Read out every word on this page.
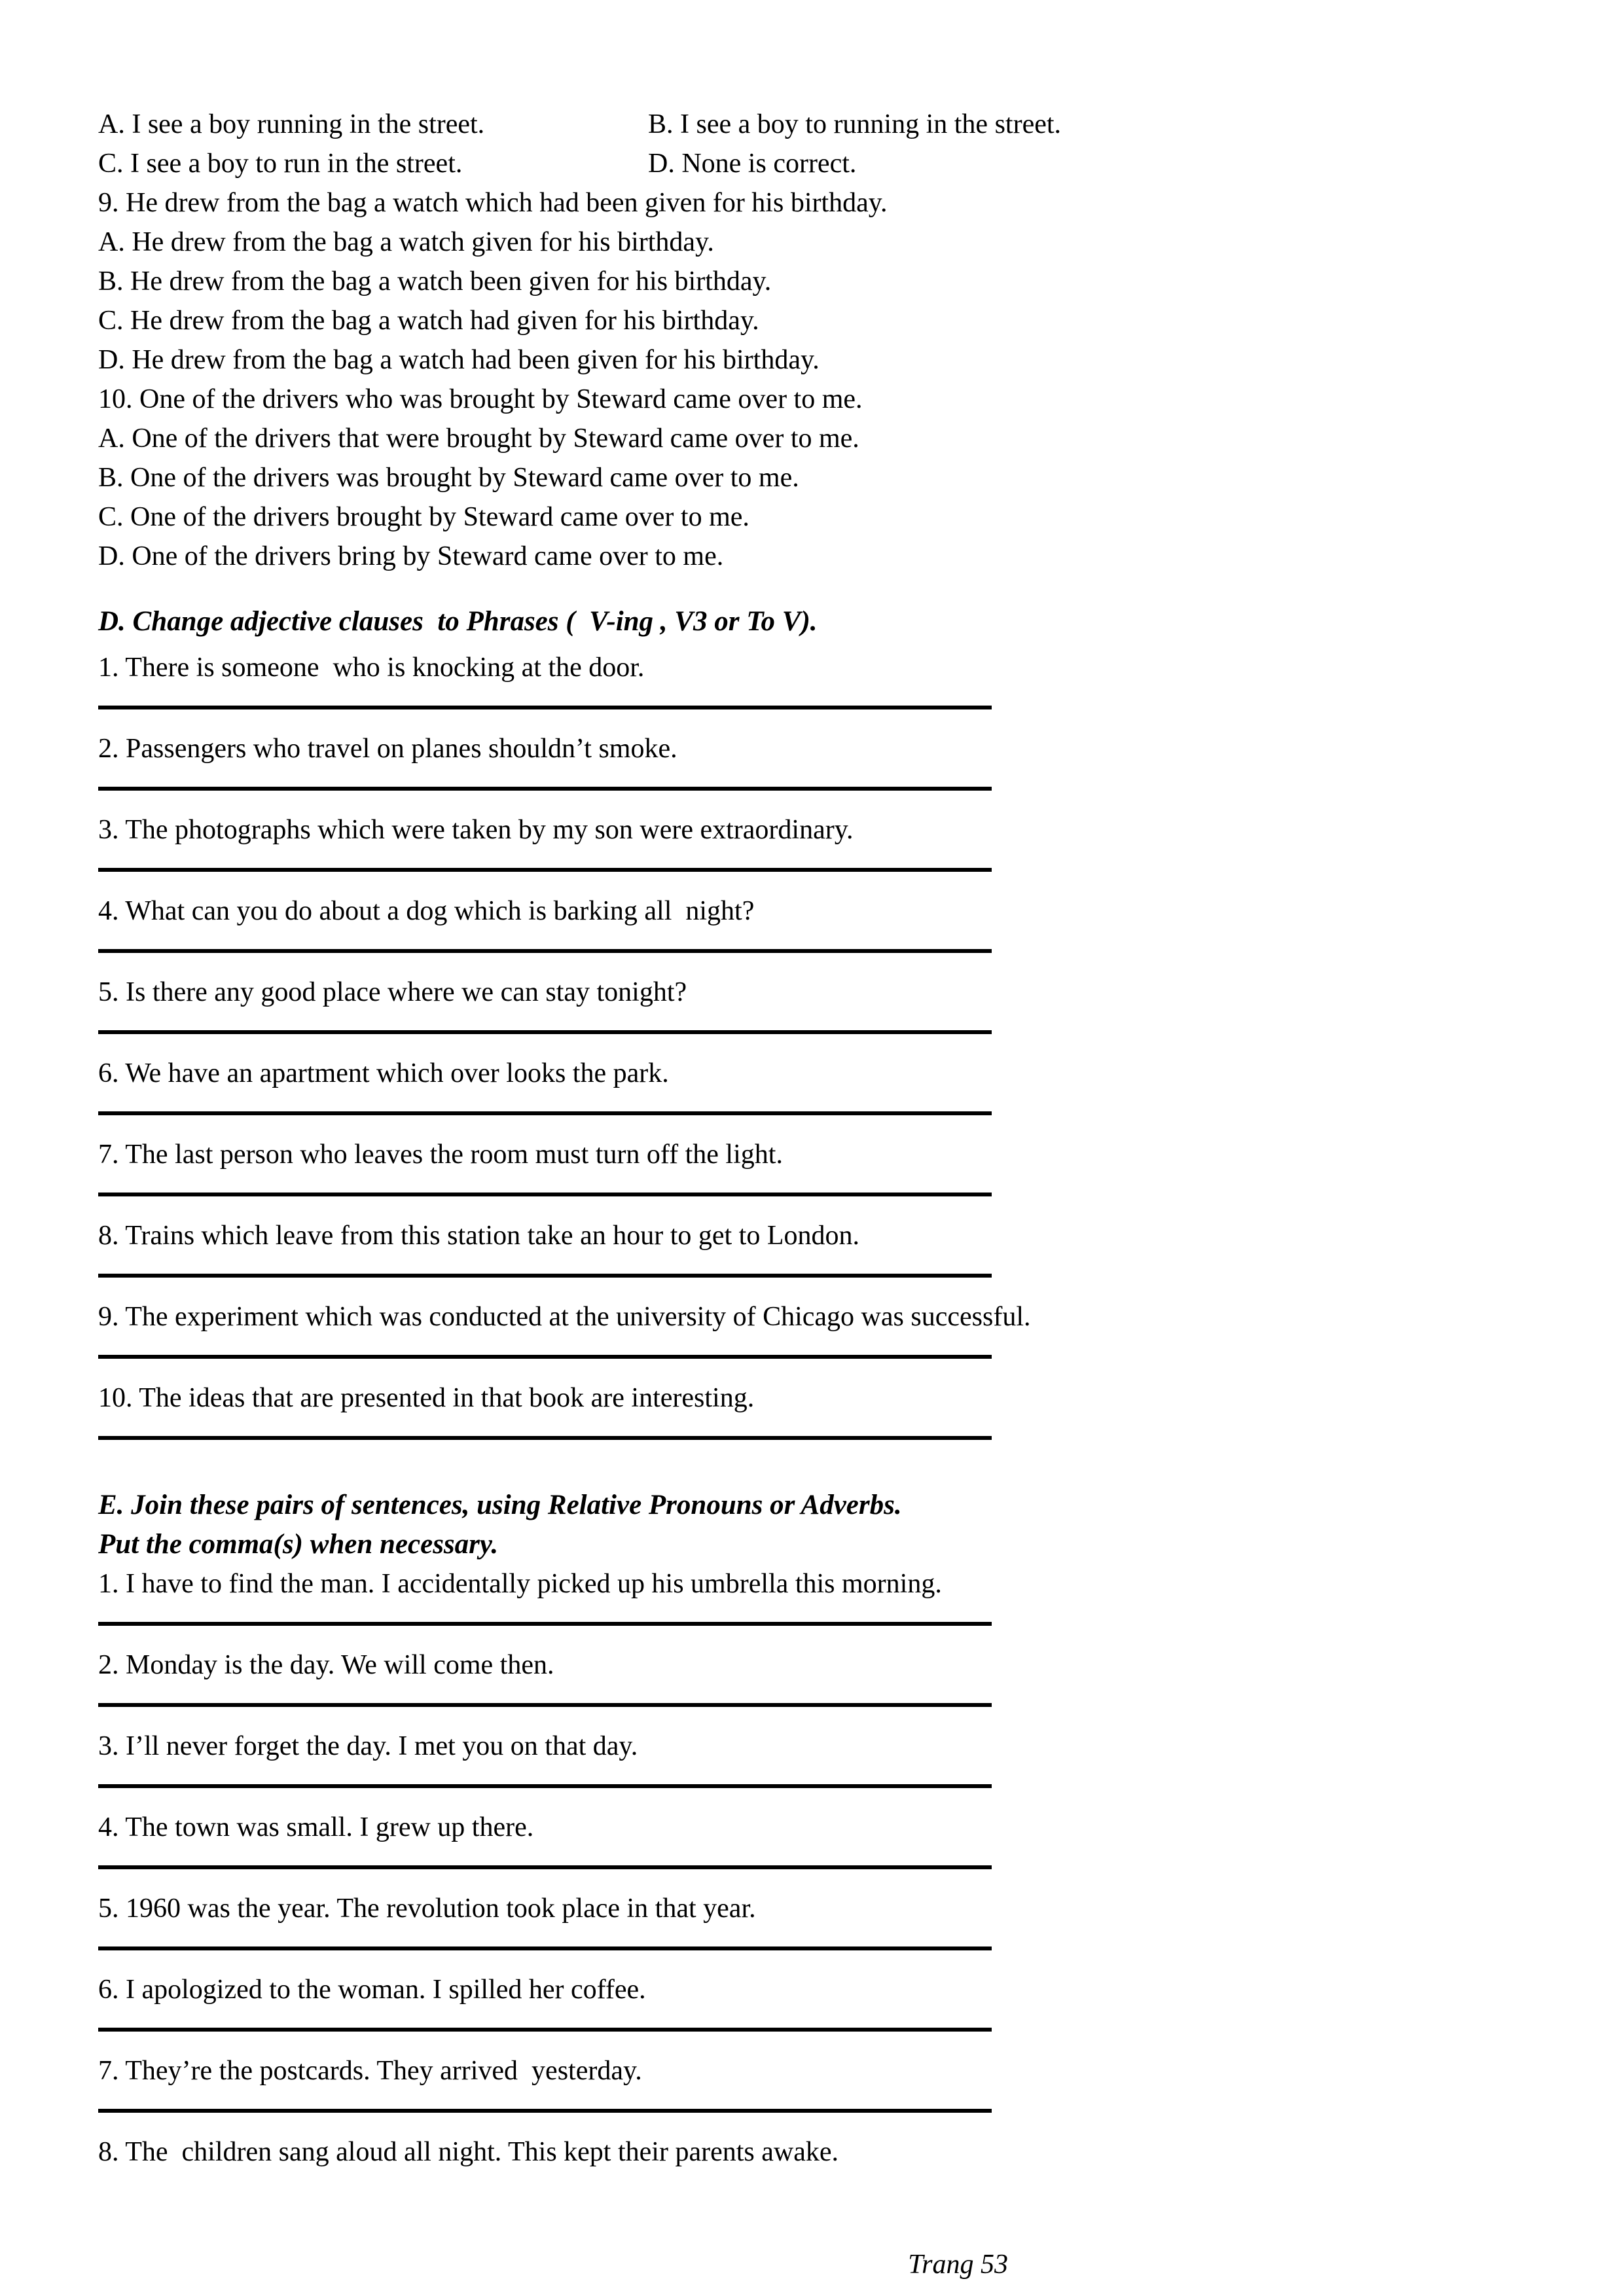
A. I see a boy running in the street.	B. I see a boy to running in the street.
C. I see a boy to run in the street.	D. None is correct.
9. He drew from the bag a watch which had been given for his birthday.
A. He drew from the bag a watch given for his birthday.
B. He drew from the bag a watch been given for his birthday.
C. He drew from the bag a watch had given for his birthday.
D. He drew from the bag a watch had been given for his birthday.
10. One of the drivers who was brought by Steward came over to me.
A. One of the drivers that were brought by Steward came over to me.
B. One of the drivers was brought by Steward came over to me.
C. One of the drivers brought by Steward came over to me.
D. One of the drivers bring by Steward came over to me.
D. Change adjective clauses  to Phrases (  V-ing , V3 or To V).
1. There is someone  who is knocking at the door.
2. Passengers who travel on planes shouldn’t smoke.
3. The photographs which were taken by my son were extraordinary.
4. What can you do about a dog which is barking all  night?
5. Is there any good place where we can stay tonight?
6. We have an apartment which over looks the park.
7. The last person who leaves the room must turn off the light.
8. Trains which leave from this station take an hour to get to London.
9. The experiment which was conducted at the university of Chicago was successful.
10. The ideas that are presented in that book are interesting.
E. Join these pairs of sentences, using Relative Pronouns or Adverbs.
Put the comma(s) when necessary.
1. I have to find the man. I accidentally picked up his umbrella this morning.
2. Monday is the day. We will come then.
3. I’ll never forget the day. I met you on that day.
4. The town was small. I grew up there.
5. 1960 was the year. The revolution took place in that year.
6. I apologized to the woman. I spilled her coffee.
7. They’re the postcards. They arrived  yesterday.
8. The  children sang aloud all night. This kept their parents awake.
Trang 53
